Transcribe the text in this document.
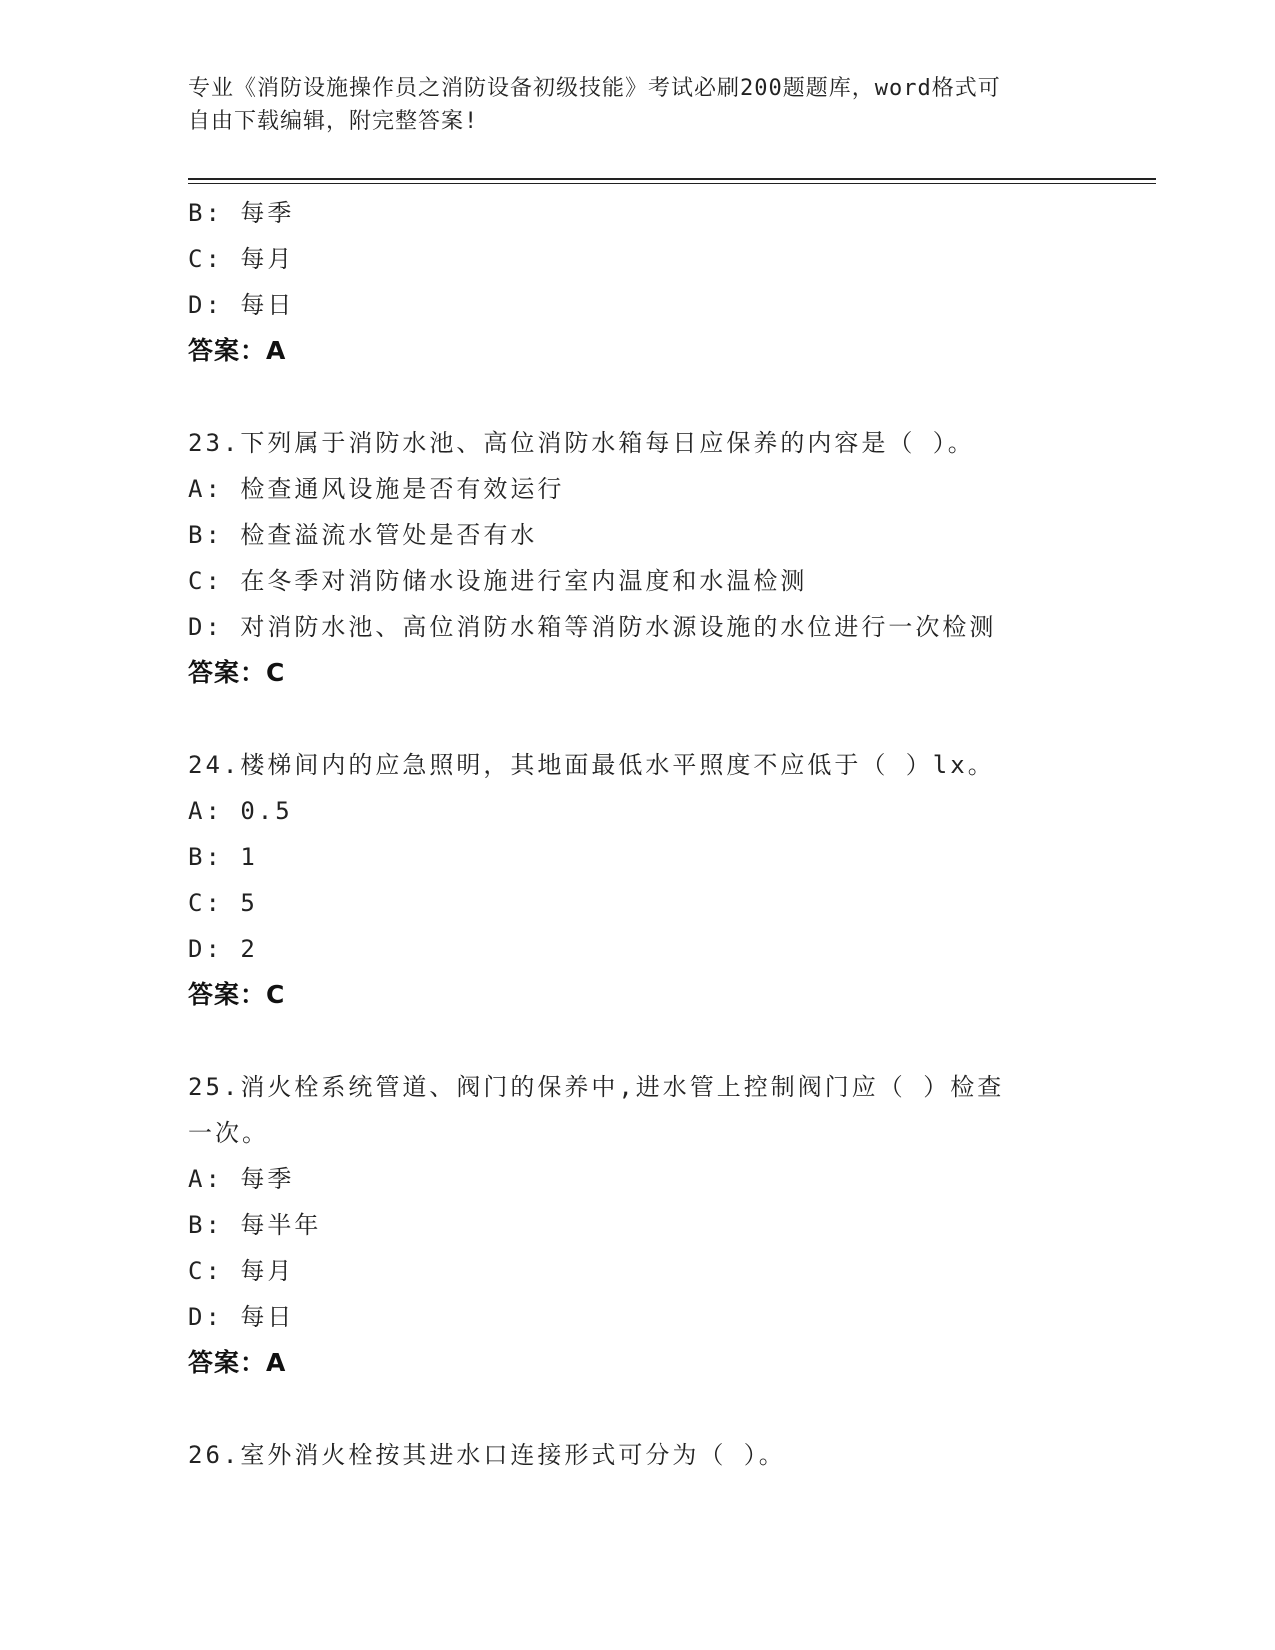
专业《消防设施操作员之消防设备初级技能》考试必刷200题题库，word格式可
自由下载编辑，附完整答案!
B: 每季
C: 每月
D: 每日
答案：A
23.下列属于消防水池、高位消防水箱每日应保养的内容是（ ）。
A: 检查通风设施是否有效运行
B: 检查溢流水管处是否有水
C: 在冬季对消防储水设施进行室内温度和水温检测
D: 对消防水池、高位消防水箱等消防水源设施的水位进行一次检测
答案：C
24.楼梯间内的应急照明，其地面最低水平照度不应低于（ ）lx。
A: 0.5
B: 1
C: 5
D: 2
答案：C
25.消火栓系统管道、阀门的保养中,进水管上控制阀门应（ ）检查
一次。
A: 每季
B: 每半年
C: 每月
D: 每日
答案：A
26.室外消火栓按其进水口连接形式可分为（ ）。
